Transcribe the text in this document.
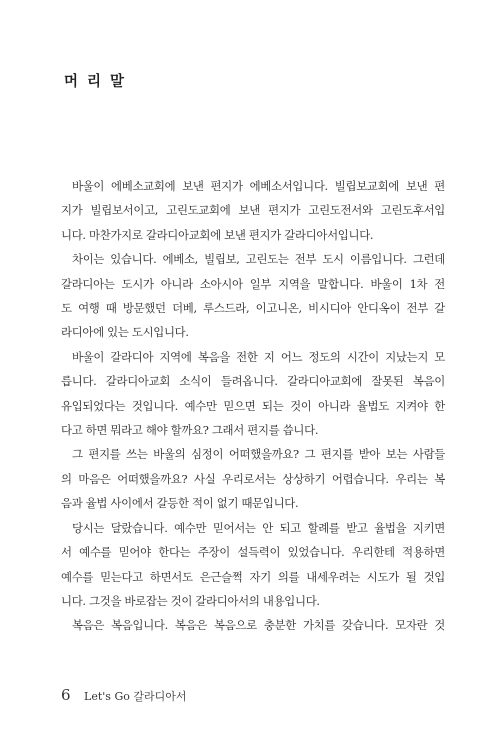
머리말

바울이 에베소교회에 보낸 편지가 에베소서입니다. 빌립보교회에 보낸 편
지가 빌립보서이고, 고린도교회에 보낸 편지가 고린도전서와 고린도후서입
니다. 마찬가지로 갈라디아교회에 보낸 편지가 갈라디아서입니다.

차이는 있습니다. 에베소, 빌립보, 고린도는 전부 도시 이름입니다. 그런데
갈라디아는 도시가 아니라 소아시아 일부 지역을 말합니다. 바울이 1차 전
도 여행 때 방문했던 더베, 루스드라, 이고니온, 비시디아 안디옥이 전부 갈
라디아에 있는 도시입니다.

바울이 갈라디아 지역에 복음을 전한 지 어느 정도의 시간이 지났는지 모
릅니다. 갈라디아교회 소식이 들려옵니다. 갈라디아교회에 잘못된 복음이
유입되었다는 것입니다. 예수만 믿으면 되는 것이 아니라 율법도 지켜야 한
다고 하면 뭐라고 해야 할까요? 그래서 편지를 씁니다.

그 편지를 쓰는 바울의 심정이 어떠했을까요? 그 편지를 받아 보는 사람들
의 마음은 어떠했을까요? 사실 우리로서는 상상하기 어렵습니다. 우리는 복
음과 율법 사이에서 갈등한 적이 없기 때문입니다.

당시는 달랐습니다. 예수만 믿어서는 안 되고 할례를 받고 율법을 지키면
서 예수를 믿어야 한다는 주장이 설득력이 있었습니다. 우리한테 적용하면
예수를 믿는다고 하면서도 은근슬쩍 자기 의를 내세우려는 시도가 될 것입
니다. 그것을 바로잡는 것이 갈라디아서의 내용입니다.

복음은 복음입니다. 복음은 복음으로 충분한 가치를 갖습니다. 모자란 것

6 Let's Go 갈라디아서
